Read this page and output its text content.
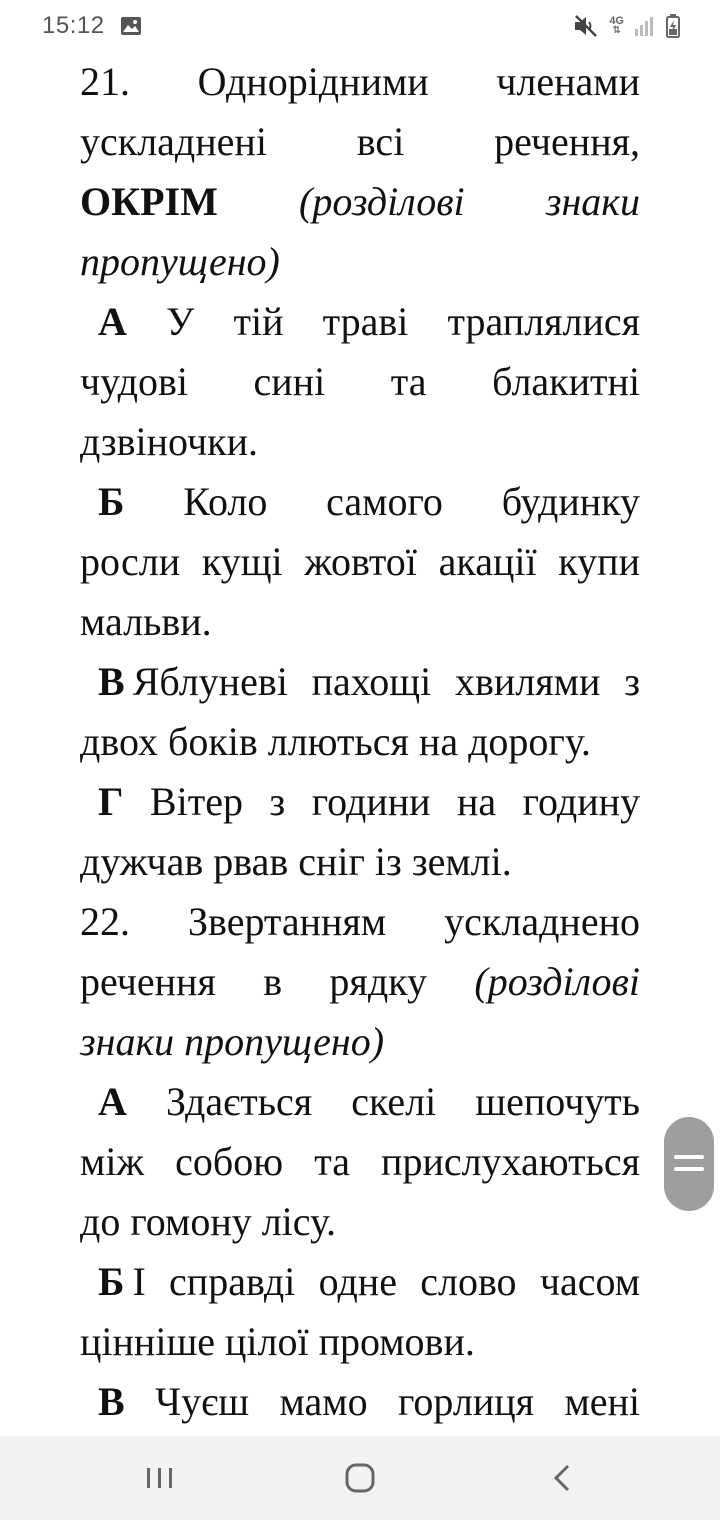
15:12	4G
⇅
21. Однорідними членами
ускладнені всі речення,
ОКРІМ (розділові знаки
пропущено)
А У тій траві траплялися
чудові сині та блакитні
дзвіночки.
Б Коло самого будинку
росли кущі жовтої акації купи
мальви.
В Яблуневі пахощі хвилями з
двох боків ллються на дорогу.
Г Вітер з години на годину
дужчав рвав сніг із землі.
22. Звертанням ускладнено
речення в рядку (розділові
знаки пропущено)
А Здається скелі шепочуть
між собою та прислухаються
до гомону лісу.
Б І справді одне слово часом
цінніше цілої промови.
В Чуєш мамо горлиця мені
